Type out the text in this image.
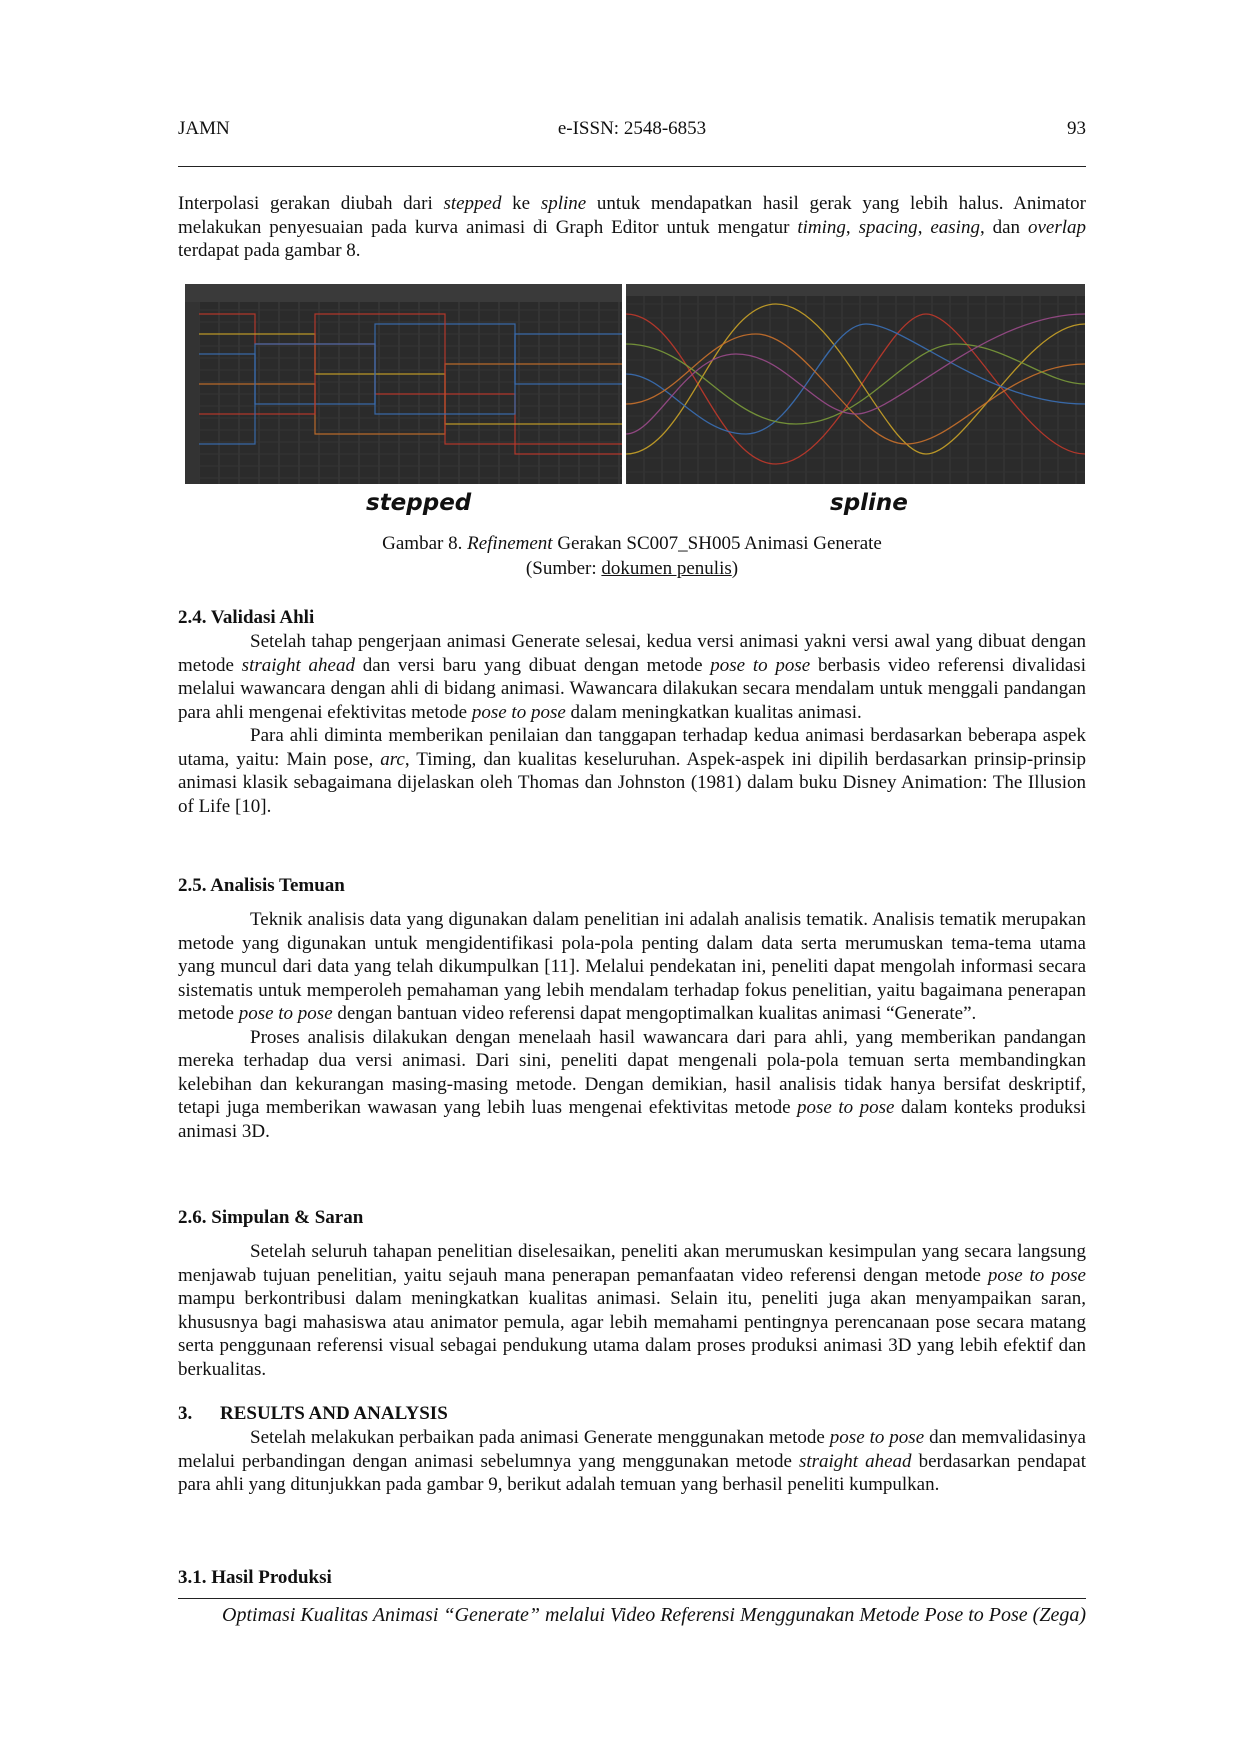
JAMN	e-ISSN: 2548-6853	93

Interpolasi gerakan diubah dari stepped ke spline untuk mendapatkan hasil gerak yang lebih halus. Animator melakukan penyesuaian pada kurva animasi di Graph Editor untuk mengatur timing, spacing, easing, dan overlap terdapat pada gambar 8.

stepped	spline
Gambar 8. Refinement Gerakan SC007_SH005 Animasi Generate
(Sumber: dokumen penulis)
2.4. Validasi Ahli

Setelah tahap pengerjaan animasi Generate selesai, kedua versi animasi yakni versi awal yang dibuat dengan metode straight ahead dan versi baru yang dibuat dengan metode pose to pose berbasis video referensi divalidasi melalui wawancara dengan ahli di bidang animasi. Wawancara dilakukan secara mendalam untuk menggali pandangan para ahli mengenai efektivitas metode pose to pose dalam meningkatkan kualitas animasi.

Para ahli diminta memberikan penilaian dan tanggapan terhadap kedua animasi berdasarkan beberapa aspek utama, yaitu: Main pose, arc, Timing, dan kualitas keseluruhan. Aspek-aspek ini dipilih berdasarkan prinsip-prinsip animasi klasik sebagaimana dijelaskan oleh Thomas dan Johnston (1981) dalam buku Disney Animation: The Illusion of Life [10].

2.5. Analisis Temuan

Teknik analisis data yang digunakan dalam penelitian ini adalah analisis tematik. Analisis tematik merupakan metode yang digunakan untuk mengidentifikasi pola-pola penting dalam data serta merumuskan tema-tema utama yang muncul dari data yang telah dikumpulkan [11]. Melalui pendekatan ini, peneliti dapat mengolah informasi secara sistematis untuk memperoleh pemahaman yang lebih mendalam terhadap fokus penelitian, yaitu bagaimana penerapan metode pose to pose dengan bantuan video referensi dapat mengoptimalkan kualitas animasi “Generate”.

Proses analisis dilakukan dengan menelaah hasil wawancara dari para ahli, yang memberikan pandangan mereka terhadap dua versi animasi. Dari sini, peneliti dapat mengenali pola-pola temuan serta membandingkan kelebihan dan kekurangan masing-masing metode. Dengan demikian, hasil analisis tidak hanya bersifat deskriptif, tetapi juga memberikan wawasan yang lebih luas mengenai efektivitas metode pose to pose dalam konteks produksi animasi 3D.

2.6. Simpulan & Saran

Setelah seluruh tahapan penelitian diselesaikan, peneliti akan merumuskan kesimpulan yang secara langsung menjawab tujuan penelitian, yaitu sejauh mana penerapan pemanfaatan video referensi dengan metode pose to pose mampu berkontribusi dalam meningkatkan kualitas animasi. Selain itu, peneliti juga akan menyampaikan saran, khususnya bagi mahasiswa atau animator pemula, agar lebih memahami pentingnya perencanaan pose secara matang serta penggunaan referensi visual sebagai pendukung utama dalam proses produksi animasi 3D yang lebih efektif dan berkualitas.

3. RESULTS AND ANALYSIS

Setelah melakukan perbaikan pada animasi Generate menggunakan metode pose to pose dan memvalidasinya melalui perbandingan dengan animasi sebelumnya yang menggunakan metode straight ahead berdasarkan pendapat para ahli yang ditunjukkan pada gambar 9, berikut adalah temuan yang berhasil peneliti kumpulkan.

3.1. Hasil Produksi
Optimasi Kualitas Animasi “Generate” melalui Video Referensi Menggunakan Metode Pose to Pose (Zega)
